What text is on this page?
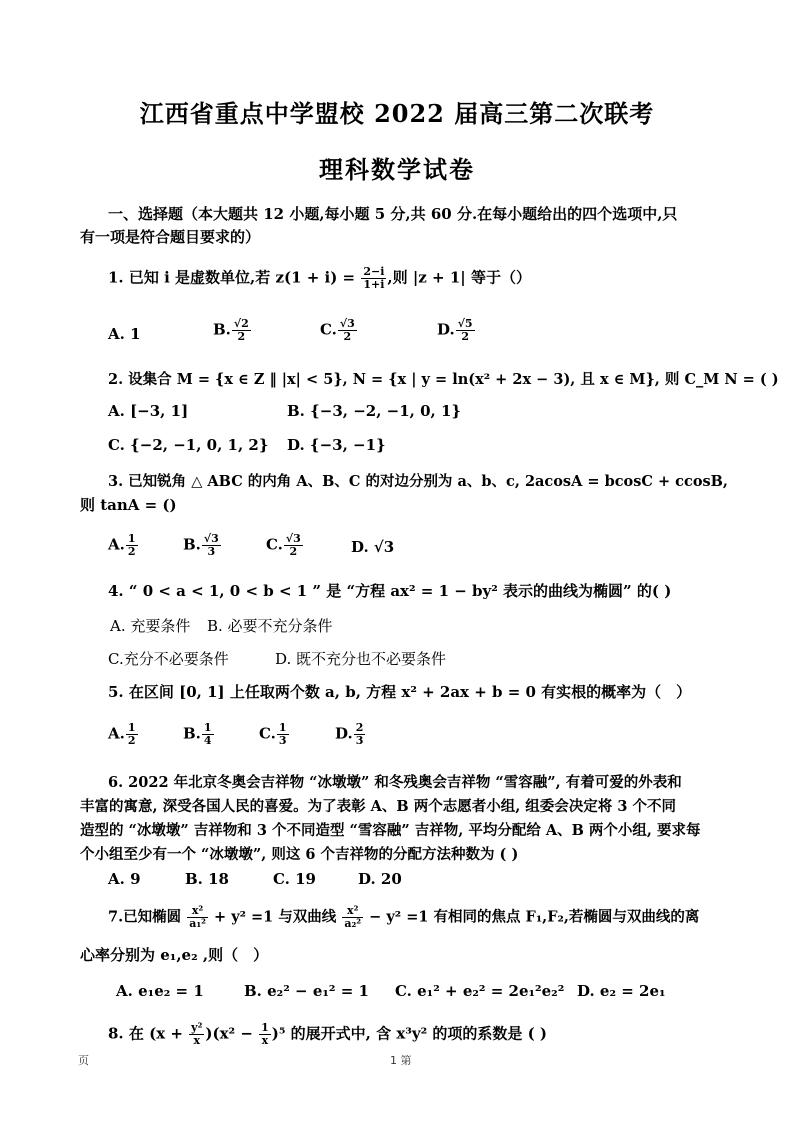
江西省重点中学盟校 2022 届高三第二次联考
理科数学试卷
一、选择题（本大题共 12 小题,每小题 5 分,共 60 分.在每小题给出的四个选项中,只
有一项是符合题目要求的）
1. 已知 i 是虚数单位,若 $z(1 + i) = \frac{2-i}{1+i}$ ,则 |z + 1| 等于（）
A. 1	B. $\frac{√2}{2}$	C. $\frac{√3}{2}$	D. $\frac{√5}{2}$
2. 设集合 M = {x ∈ Z ‖ |x| < 5}, N = {x | y = ln(x² + 2x − 3), 且 x ∈ M}, 则 C_M N = ( )
A. [−3, 1]	B. {−3, −2, −1, 0, 1}
C. {−2, −1, 0, 1, 2} D. {−3, −1}
3. 已知锐角 △ ABC 的内角 A、B、C 的对边分别为 a、b、c, 2acosA = bcosC + ccosB,
则 tanA = ()
A. $\frac{1}{2}$	B. $\frac{√3}{3}$	C. $\frac{√3}{2}$	D. √3
4. “ 0 < a < 1, 0 < b < 1 ” 是 “方程 ax² = 1 − by² 表示的曲线为椭圆” 的( )
A. 充要条件 B. 必要不充分条件
C.充分不必要条件	D. 既不充分也不必要条件
5. 在区间 [0, 1] 上任取两个数 a, b, 方程 x² + 2ax + b = 0 有实根的概率为（　）
A. $\frac{1}{2}$	B. $\frac{1}{4}$	C. $\frac{1}{3}$	D. $\frac{2}{3}$
6. 2022 年北京冬奥会吉祥物 “冰墩墩” 和冬残奥会吉祥物 “雪容融”, 有着可爱的外表和
丰富的寓意, 深受各国人民的喜爱。为了表彰 A、B 两个志愿者小组, 组委会决定将 3 个不同
造型的 “冰墩墩” 吉祥物和 3 个不同造型 “雪容融” 吉祥物, 平均分配给 A、B 两个小组, 要求每
个小组至少有一个 “冰墩墩”, 则这 6 个吉祥物的分配方法种数为 ( )
A. 9	B. 18	C. 19	D. 20
7.已知椭圆 $\frac{\text{x²}}{\text{a₁²}} + y^2 =1$ 与双曲线 $\frac{\text{x²}}{\text{a₂²}} - y^2 =1$ 有相同的焦点 F₁,F₂,若椭圆与双曲线的离
心率分别为 e₁,e₂ ,则（　）
A. e₁e₂ = 1	B. e₂² − e₁² = 1 C. e₁² + e₂² = 2e₁²e₂² D. e₂ = 2e₁
8. 在 $(x + \frac{\text{y²}}{x} )(x^2 - \frac{1}{x} )^5$ 的展开式中, 含 x³y² 的项的系数是 ( )
页	1 第
